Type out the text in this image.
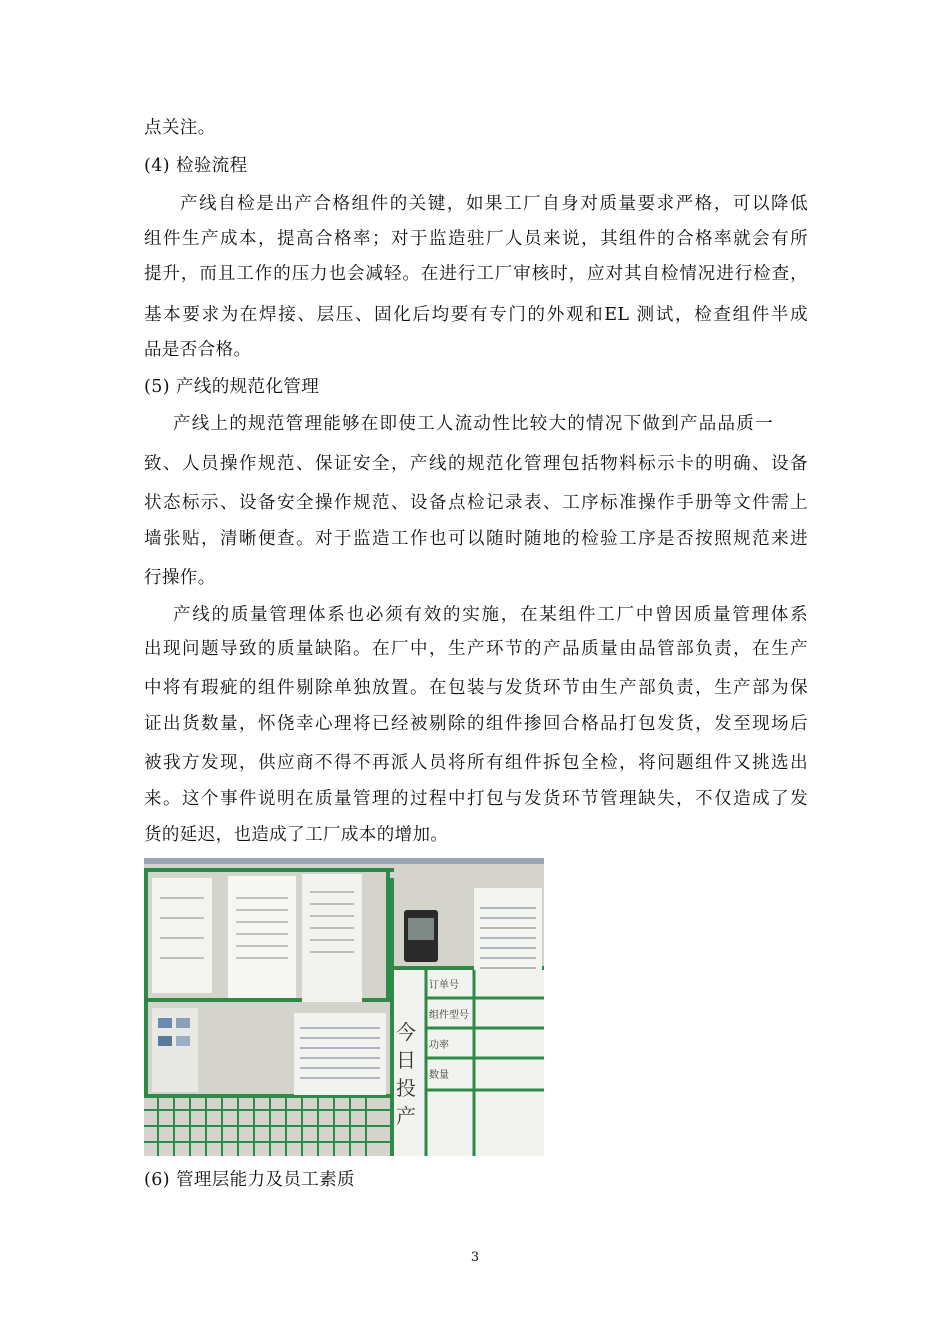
点关注。
(4) 检验流程
产线自检是出产合格组件的关键，如果工厂自身对质量要求严格，可以降低
组件生产成本，提高合格率；对于监造驻厂人员来说，其组件的合格率就会有所
提升，而且工作的压力也会减轻。在进行工厂审核时，应对其自检情况进行检查，
基本要求为在焊接、层压、固化后均要有专门的外观和EL 测试，检查组件半成
品是否合格。
(5) 产线的规范化管理
产线上的规范管理能够在即使工人流动性比较大的情况下做到产品品质一
致、人员操作规范、保证安全，产线的规范化管理包括物料标示卡的明确、设备
状态标示、设备安全操作规范、设备点检记录表、工序标准操作手册等文件需上
墙张贴，清晰便查。对于监造工作也可以随时随地的检验工序是否按照规范来进
行操作。
产线的质量管理体系也必须有效的实施，在某组件工厂中曾因质量管理体系
出现问题导致的质量缺陷。在厂中，生产环节的产品质量由品管部负责，在生产
中将有瑕疵的组件剔除单独放置。在包装与发货环节由生产部负责，生产部为保
证出货数量，怀侥幸心理将已经被剔除的组件掺回合格品打包发货，发至现场后
被我方发现，供应商不得不再派人员将所有组件拆包全检，将问题组件又挑选出
来。这个事件说明在质量管理的过程中打包与发货环节管理缺失，不仅造成了发
货的延迟，也造成了工厂成本的增加。
今
日
投
产
订单号
组件型号
功率
数量
(6) 管理层能力及员工素质
3
